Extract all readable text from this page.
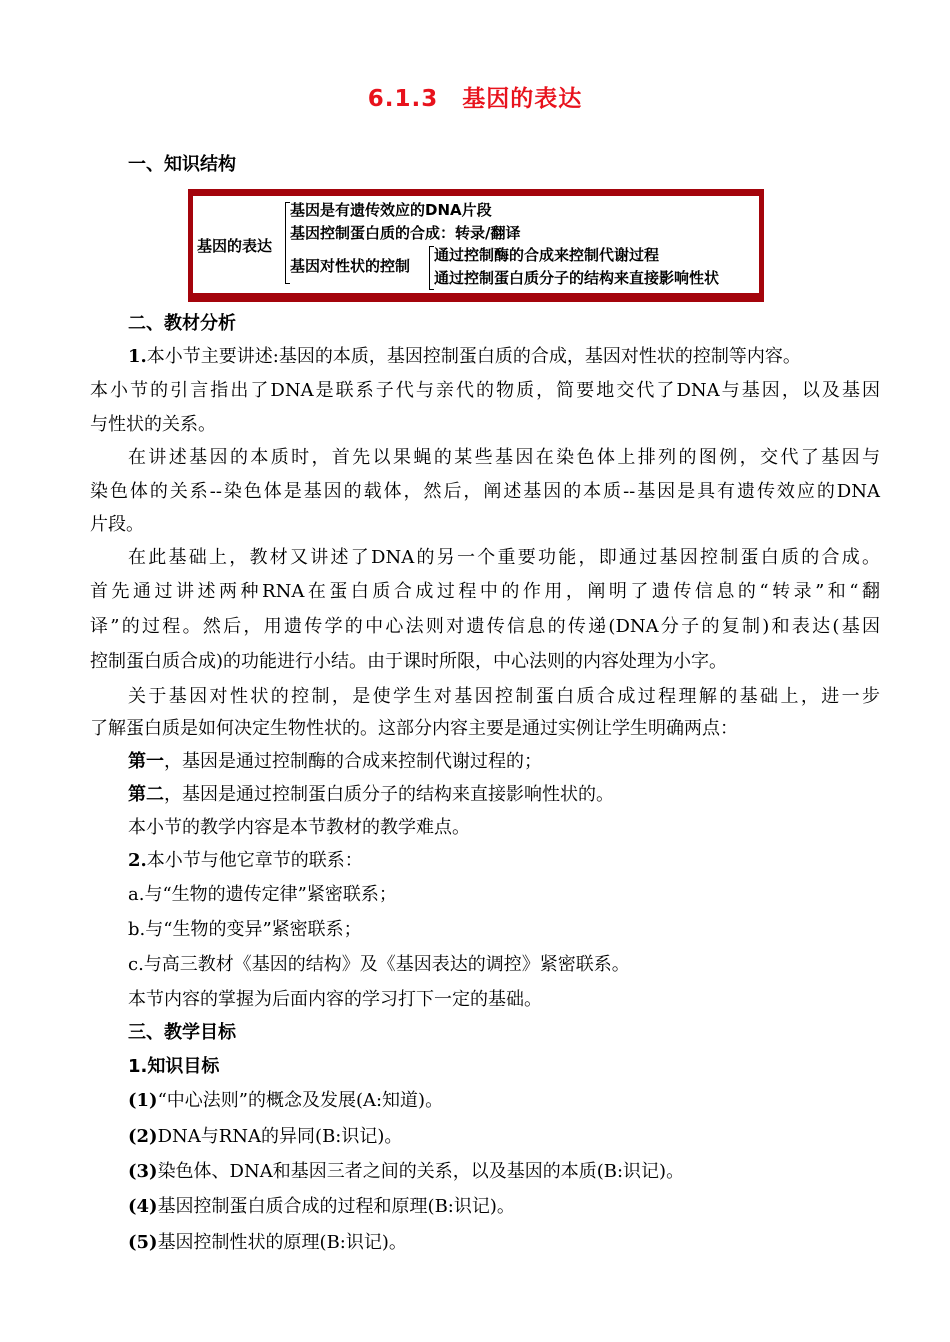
6.1.3　基因的表达
一、知识结构
基因的表达
基因是有遗传效应的DNA片段
基因控制蛋白质的合成：转录/翻译
基因对性状的控制
通过控制酶的合成来控制代谢过程
通过控制蛋白质分子的结构来直接影响性状
二、教材分析
1.本小节主要讲述:基因的本质，基因控制蛋白质的合成，基因对性状的控制等内容。
本小节的引言指出了DNA是联系子代与亲代的物质，简要地交代了DNA与基因，以及基因
与性状的关系。
在讲述基因的本质时，首先以果蝇的某些基因在染色体上排列的图例，交代了基因与
染色体的关系--染色体是基因的载体，然后，阐述基因的本质--基因是具有遗传效应的DNA
片段。
在此基础上，教材又讲述了DNA的另一个重要功能，即通过基因控制蛋白质的合成。
首先通过讲述两种RNA在蛋白质合成过程中的作用，阐明了遗传信息的“转录”和“翻
译”的过程。然后，用遗传学的中心法则对遗传信息的传递(DNA分子的复制)和表达(基因
控制蛋白质合成)的功能进行小结。由于课时所限，中心法则的内容处理为小字。
关于基因对性状的控制，是使学生对基因控制蛋白质合成过程理解的基础上，进一步
了解蛋白质是如何决定生物性状的。这部分内容主要是通过实例让学生明确两点：
第一，基因是通过控制酶的合成来控制代谢过程的；
第二，基因是通过控制蛋白质分子的结构来直接影响性状的。
本小节的教学内容是本节教材的教学难点。
2.本小节与他它章节的联系：
a.与“生物的遗传定律”紧密联系；
b.与“生物的变异”紧密联系；
c.与高三教材《基因的结构》及《基因表达的调控》紧密联系。
本节内容的掌握为后面内容的学习打下一定的基础。
三、教学目标
1.知识目标
(1)“中心法则”的概念及发展(A:知道)。
(2)DNA与RNA的异同(B:识记)。
(3)染色体、DNA和基因三者之间的关系，以及基因的本质(B:识记)。
(4)基因控制蛋白质合成的过程和原理(B:识记)。
(5)基因控制性状的原理(B:识记)。
